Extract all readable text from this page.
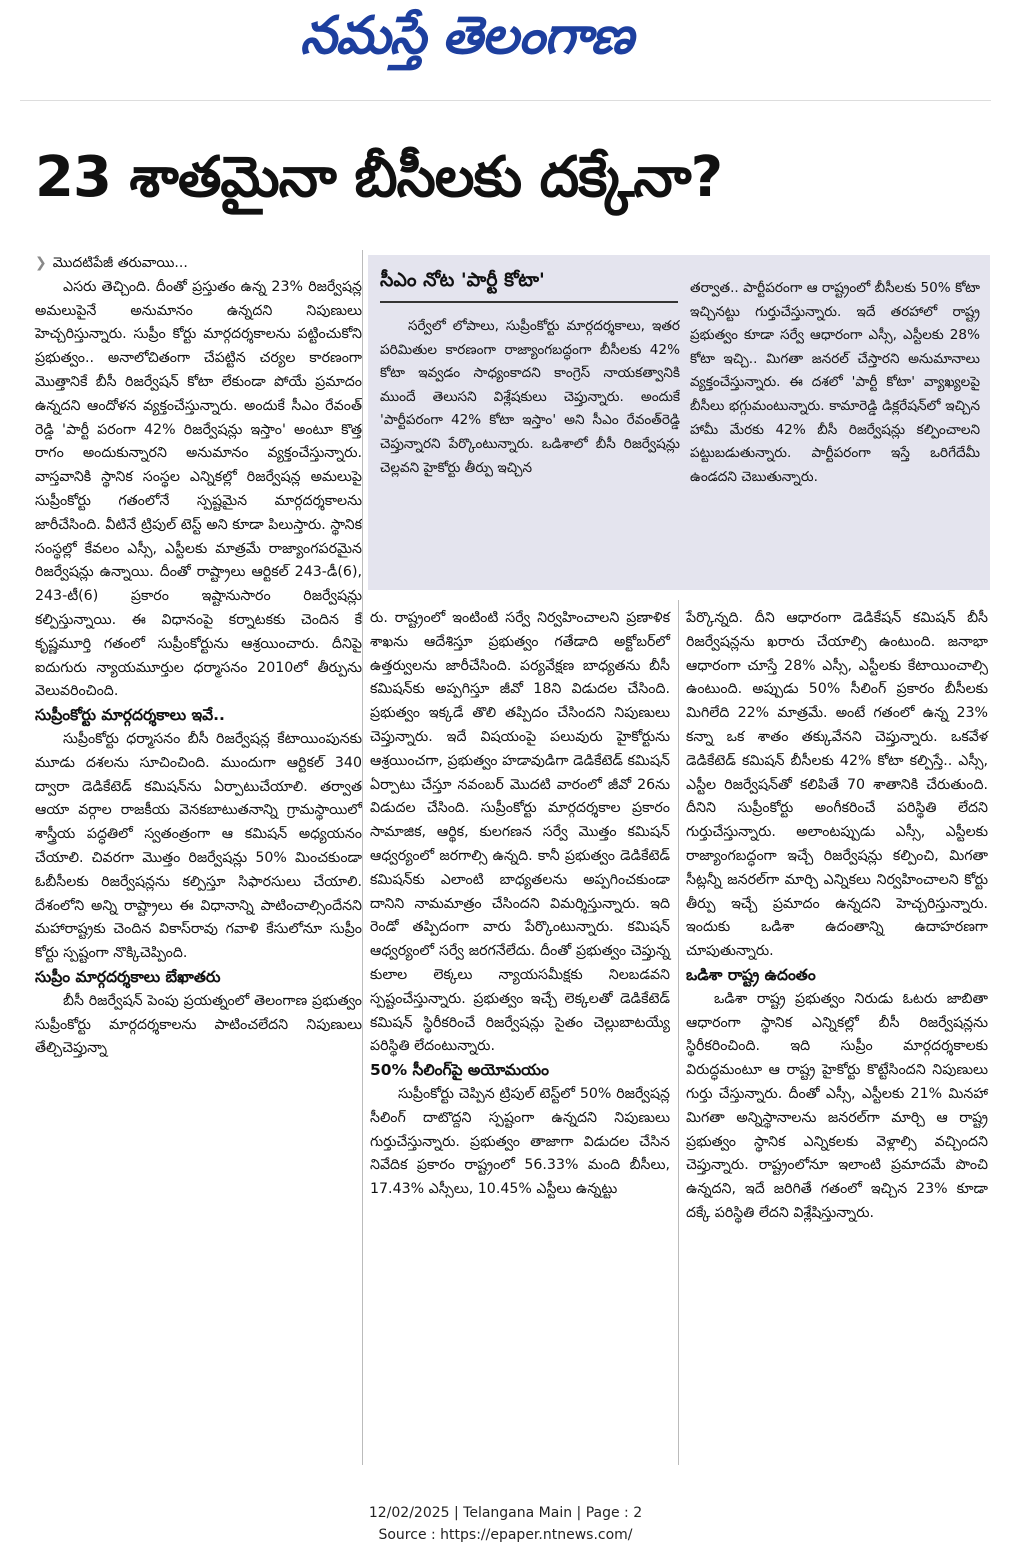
నమస్తే తెలంగాణ
23 శాతమైనా బీసీలకు దక్కేనా?

❯ మొదటిపేజీ తరువాయి...

ఎసరు తెచ్చింది. దీంతో ప్రస్తుతం ఉన్న 23% రిజర్వేషన్ల అమలుపైనే అనుమానం ఉన్నదని నిపుణులు హెచ్చరిస్తున్నారు. సుప్రీం కోర్టు మార్గదర్శకాలను పట్టించుకోని ప్రభుత్వం.. అనాలోచితంగా చేపట్టిన చర్యల కారణంగా మొత్తానికే బీసీ రిజర్వేషన్ కోటా లేకుండా పోయే ప్రమాదం ఉన్నదని ఆందోళన వ్యక్తంచేస్తున్నారు. అందుకే సీఎం రేవంత్ రెడ్డి 'పార్టీ పరంగా 42% రిజర్వేషన్లు ఇస్తాం' అంటూ కొత్త రాగం అందుకున్నారని అనుమానం వ్యక్తంచేస్తున్నారు. వాస్తవానికి స్థానిక సంస్థల ఎన్నికల్లో రిజర్వేషన్ల అమలుపై సుప్రీంకోర్టు గతంలోనే స్పష్టమైన మార్గదర్శకాలను జారీచేసింది. వీటినే ట్రిపుల్ టెస్ట్ అని కూడా పిలుస్తారు. స్థానిక సంస్థల్లో కేవలం ఎస్సీ, ఎస్టీలకు మాత్రమే రాజ్యాంగపరమైన రిజర్వేషన్లు ఉన్నాయి. దీంతో రాష్ట్రాలు ఆర్టికల్ 243-డీ(6), 243-టీ(6) ప్రకారం ఇష్టానుసారం రిజర్వేషన్లు కల్పిస్తున్నాయి. ఈ విధానంపై కర్నాటకకు చెందిన కే కృష్ణమూర్తి గతంలో సుప్రీంకోర్టును ఆశ్రయించారు. దీనిపై ఐదుగురు న్యాయమూర్తుల ధర్మాసనం 2010లో తీర్పును వెలువరించింది.

సుప్రీంకోర్టు మార్గదర్శకాలు ఇవే..

సుప్రీంకోర్టు ధర్మాసనం బీసీ రిజర్వేషన్ల కేటాయింపునకు మూడు దశలను సూచించింది. ముందుగా ఆర్టికల్ 340 ద్వారా డెడికేటెడ్ కమిషన్‌ను ఏర్పాటుచేయాలి. తర్వాత ఆయా వర్గాల రాజకీయ వెనకబాటుతనాన్ని గ్రామస్థాయిలో శాస్త్రీయ పద్ధతిలో స్వతంత్రంగా ఆ కమిషన్ అధ్యయనం చేయాలి. చివరగా మొత్తం రిజర్వేషన్లు 50% మించకుండా ఓబీసీలకు రిజర్వేషన్లను కల్పిస్తూ సిఫారసులు చేయాలి. దేశంలోని అన్ని రాష్ట్రాలు ఈ విధానాన్ని పాటించాల్సిందేనని మహారాష్ట్రకు చెందిన వికాస్‌రావు గవాళి కేసులోనూ సుప్రీం కోర్టు స్పష్టంగా నొక్కిచెప్పింది.

సుప్రీం మార్గదర్శకాలు బేఖాతరు

బీసీ రిజర్వేషన్ పెంపు ప్రయత్నంలో తెలంగాణ ప్రభుత్వం సుప్రీంకోర్టు మార్గదర్శకాలను పాటించలేదని నిపుణులు తేల్చిచెప్తున్నా

సీఎం నోట 'పార్టీ కోటా'

సర్వేలో లోపాలు, సుప్రీంకోర్టు మార్గదర్శకాలు, ఇతర పరిమితుల కారణంగా రాజ్యాంగబద్ధంగా బీసీలకు 42% కోటా ఇవ్వడం సాధ్యంకాదని కాంగ్రెస్ నాయకత్వానికి ముందే తెలుసని విశ్లేషకులు చెప్తున్నారు. అందుకే 'పార్టీపరంగా 42% కోటా ఇస్తాం' అని సీఎం రేవంత్‌రెడ్డి చెప్తున్నారని పేర్కొంటున్నారు. ఒడిశాలో బీసీ రిజర్వేషన్లు చెల్లవని హైకోర్టు తీర్పు ఇచ్చిన

తర్వాత.. పార్టీపరంగా ఆ రాష్ట్రంలో బీసీలకు 50% కోటా ఇచ్చినట్టు గుర్తుచేస్తున్నారు. ఇదే తరహాలో రాష్ట్ర ప్రభుత్వం కూడా సర్వే ఆధారంగా ఎస్సీ, ఎస్టీలకు 28% కోటా ఇచ్చి.. మిగతా జనరల్ చేస్తారని అనుమానాలు వ్యక్తంచేస్తున్నారు. ఈ దశలో 'పార్టీ కోటా' వ్యాఖ్యలపై బీసీలు భగ్గుమంటున్నారు. కామారెడ్డి డిక్లరేషన్‌లో ఇచ్చిన హామీ మేరకు 42% బీసీ రిజర్వేషన్లు కల్పించాలని పట్టుబడుతున్నారు. పార్టీపరంగా ఇస్తే ఒరిగేదేమీ ఉండదని చెబుతున్నారు.

రు. రాష్ట్రంలో ఇంటింటి సర్వే నిర్వహించాలని ప్రణాళిక శాఖను ఆదేశిస్తూ ప్రభుత్వం గతేడాది అక్టోబర్‌లో ఉత్తర్వులను జారీచేసింది. పర్యవేక్షణ బాధ్యతను బీసీ కమిషన్‌కు అప్పగిస్తూ జీవో 18ని విడుదల చేసింది. ప్రభుత్వం ఇక్కడే తొలి తప్పిదం చేసిందని నిపుణులు చెప్తున్నారు. ఇదే విషయంపై పలువురు హైకోర్టును ఆశ్రయించగా, ప్రభుత్వం హడావుడిగా డెడికేటెడ్ కమిషన్ ఏర్పాటు చేస్తూ నవంబర్ మొదటి వారంలో జీవో 26ను విడుదల చేసింది. సుప్రీంకోర్టు మార్గదర్శకాల ప్రకారం సామాజిక, ఆర్థిక, కులగణన సర్వే మొత్తం కమిషన్ ఆధ్వర్యంలో జరగాల్సి ఉన్నది. కానీ ప్రభుత్వం డెడికేటెడ్ కమిషన్‌కు ఎలాంటి బాధ్యతలను అప్పగించకుండా దానిని నామమాత్రం చేసిందని విమర్శిస్తున్నారు. ఇది రెండో తప్పిదంగా వారు పేర్కొంటున్నారు. కమిషన్ ఆధ్వర్యంలో సర్వే జరగనేలేదు. దీంతో ప్రభుత్వం చెప్తున్న కులాల లెక్కలు న్యాయసమీక్షకు నిలబడవని స్పష్టంచేస్తున్నారు. ప్రభుత్వం ఇచ్చే లెక్కలతో డెడికేటెడ్ కమిషన్ స్థిరీకరించే రిజర్వేషన్లు సైతం చెల్లుబాటయ్యే పరిస్థితి లేదంటున్నారు.

50% సీలింగ్‌పై అయోమయం

సుప్రీంకోర్టు చెప్పిన ట్రిపుల్ టెస్ట్‌లో 50% రిజర్వేషన్ల సీలింగ్ దాటొద్దని స్పష్టంగా ఉన్నదని నిపుణులు గుర్తుచేస్తున్నారు. ప్రభుత్వం తాజాగా విడుదల చేసిన నివేదిక ప్రకారం రాష్ట్రంలో 56.33% మంది బీసీలు, 17.43% ఎస్సీలు, 10.45% ఎస్టీలు ఉన్నట్టు

పేర్కొన్నది. దీని ఆధారంగా డెడికేషన్ కమిషన్ బీసీ రిజర్వేషన్లను ఖరారు చేయాల్సి ఉంటుంది. జనాభా ఆధారంగా చూస్తే 28% ఎస్సీ, ఎస్టీలకు కేటాయించాల్సి ఉంటుంది. అప్పుడు 50% సీలింగ్ ప్రకారం బీసీలకు మిగిలేది 22% మాత్రమే. అంటే గతంలో ఉన్న 23% కన్నా ఒక శాతం తక్కువేనని చెప్తున్నారు. ఒకవేళ డెడికేటెడ్ కమిషన్ బీసీలకు 42% కోటా కల్పిస్తే.. ఎస్సీ, ఎస్టీల రిజర్వేషన్‌తో కలిపితే 70 శాతానికి చేరుతుంది. దీనిని సుప్రీంకోర్టు అంగీకరించే పరిస్థితి లేదని గుర్తుచేస్తున్నారు. అలాంటప్పుడు ఎస్సీ, ఎస్టీలకు రాజ్యాంగబద్ధంగా ఇచ్చే రిజర్వేషన్లు కల్పించి, మిగతా సీట్లన్నీ జనరల్‌గా మార్చి ఎన్నికలు నిర్వహించాలని కోర్టు తీర్పు ఇచ్చే ప్రమాదం ఉన్నదని హెచ్చరిస్తున్నారు. ఇందుకు ఒడిశా ఉదంతాన్ని ఉదాహరణగా చూపుతున్నారు.

ఒడిశా రాష్ట్ర ఉదంతం

ఒడిశా రాష్ట్ర ప్రభుత్వం నిరుడు ఓటరు జాబితా ఆధారంగా స్థానిక ఎన్నికల్లో బీసీ రిజర్వేషన్లను స్థిరీకరించింది. ఇది సుప్రీం మార్గదర్శకాలకు విరుద్ధమంటూ ఆ రాష్ట్ర హైకోర్టు కొట్టేసిందని నిపుణులు గుర్తు చేస్తున్నారు. దీంతో ఎస్సీ, ఎస్టీలకు 21% మినహా మిగతా అన్నిస్థానాలను జనరల్‌గా మార్చి ఆ రాష్ట్ర ప్రభుత్వం స్థానిక ఎన్నికలకు వెళ్లాల్సి వచ్చిందని చెప్తున్నారు. రాష్ట్రంలోనూ ఇలాంటి ప్రమాదమే పొంచి ఉన్నదని, ఇదే జరిగితే గతంలో ఇచ్చిన 23% కూడా దక్కే పరిస్థితి లేదని విశ్లేషిస్తున్నారు.

12/02/2025 | Telangana Main | Page : 2
Source : https://epaper.ntnews.com/
